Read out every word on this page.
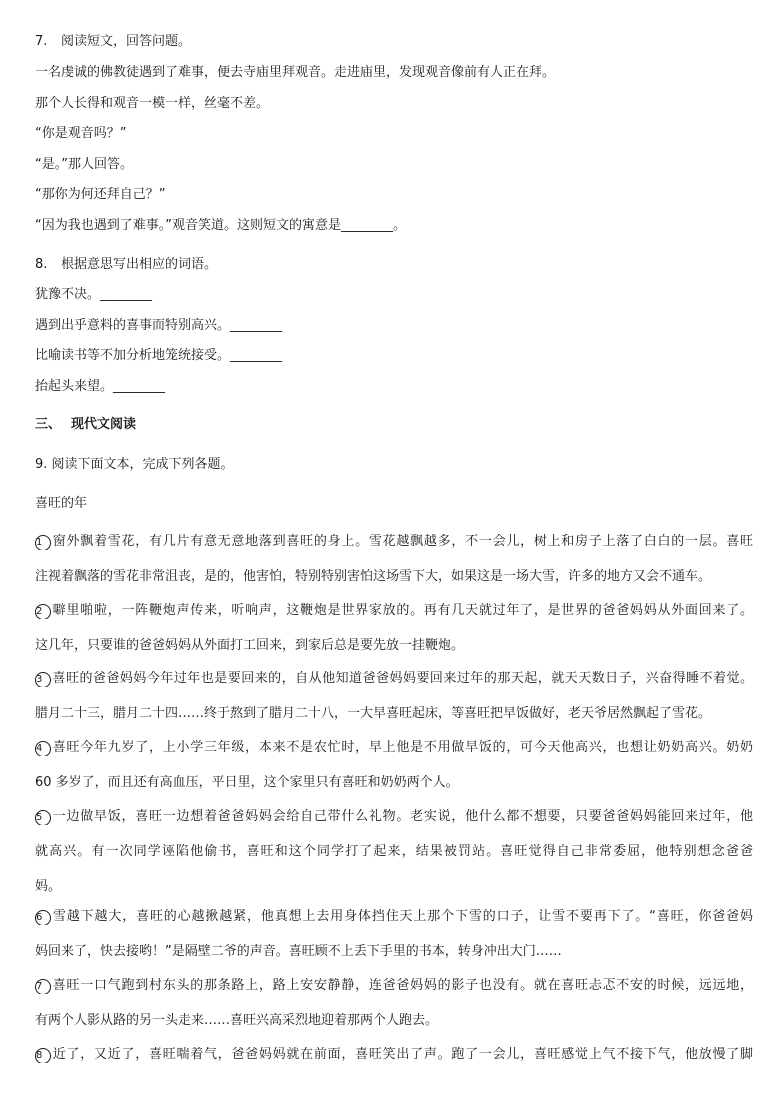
7. 阅读短文，回答问题。

一名虔诚的佛教徒遇到了难事，便去寺庙里拜观音。走进庙里，发现观音像前有人正在拜。

那个人长得和观音一模一样，丝毫不差。

“你是观音吗？”

“是。”那人回答。

“那你为何还拜自己？”

“因为我也遇到了难事。”观音笑道。这则短文的寓意是________。

8. 根据意思写出相应的词语。

犹豫不决。________

遇到出乎意料的喜事而特别高兴。________

比喻读书等不加分析地笼统接受。________

抬起头来望。________

三、 现代文阅读

9. 阅读下面文本，完成下列各题。

喜旺的年

1 窗外飘着雪花，有几片有意无意地落到喜旺的身上。雪花越飘越多，不一会儿，树上和房子上落了白白的一层。喜旺
注视着飘落的雪花非常沮丧，是的，他害怕，特别特别害怕这场雪下大，如果这是一场大雪，许多的地方又会不通车。
2 噼里啪啦，一阵鞭炮声传来，听响声，这鞭炮是世界家放的。再有几天就过年了，是世界的爸爸妈妈从外面回来了。
这几年，只要谁的爸爸妈妈从外面打工回来，到家后总是要先放一挂鞭炮。
3 喜旺的爸爸妈妈今年过年也是要回来的，自从他知道爸爸妈妈要回来过年的那天起，就天天数日子，兴奋得睡不着觉。
腊月二十三，腊月二十四……终于熬到了腊月二十八，一大早喜旺起床，等喜旺把早饭做好，老天爷居然飘起了雪花。
4 喜旺今年九岁了，上小学三年级，本来不是农忙时，早上他是不用做早饭的，可今天他高兴，也想让奶奶高兴。奶奶
60 多岁了，而且还有高血压，平日里，这个家里只有喜旺和奶奶两个人。
5 一边做早饭，喜旺一边想着爸爸妈妈会给自己带什么礼物。老实说，他什么都不想要，只要爸爸妈妈能回来过年，他
就高兴。有一次同学诬陷他偷书，喜旺和这个同学打了起来，结果被罚站。喜旺觉得自己非常委屈，他特别想念爸爸
妈。
6 雪越下越大，喜旺的心越揪越紧，他真想上去用身体挡住天上那个下雪的口子，让雪不要再下了。“喜旺，你爸爸妈
妈回来了，快去接哟！”是隔壁二爷的声音。喜旺顾不上丢下手里的书本，转身冲出大门……
7 喜旺一口气跑到村东头的那条路上，路上安安静静，连爸爸妈妈的影子也没有。就在喜旺忐忑不安的时候，远远地，
有两个人影从路的另一头走来……喜旺兴高采烈地迎着那两个人跑去。
8 近了，又近了，喜旺喘着气，爸爸妈妈就在前面，喜旺笑出了声。跑了一会儿，喜旺感觉上气不接下气，他放慢了脚
